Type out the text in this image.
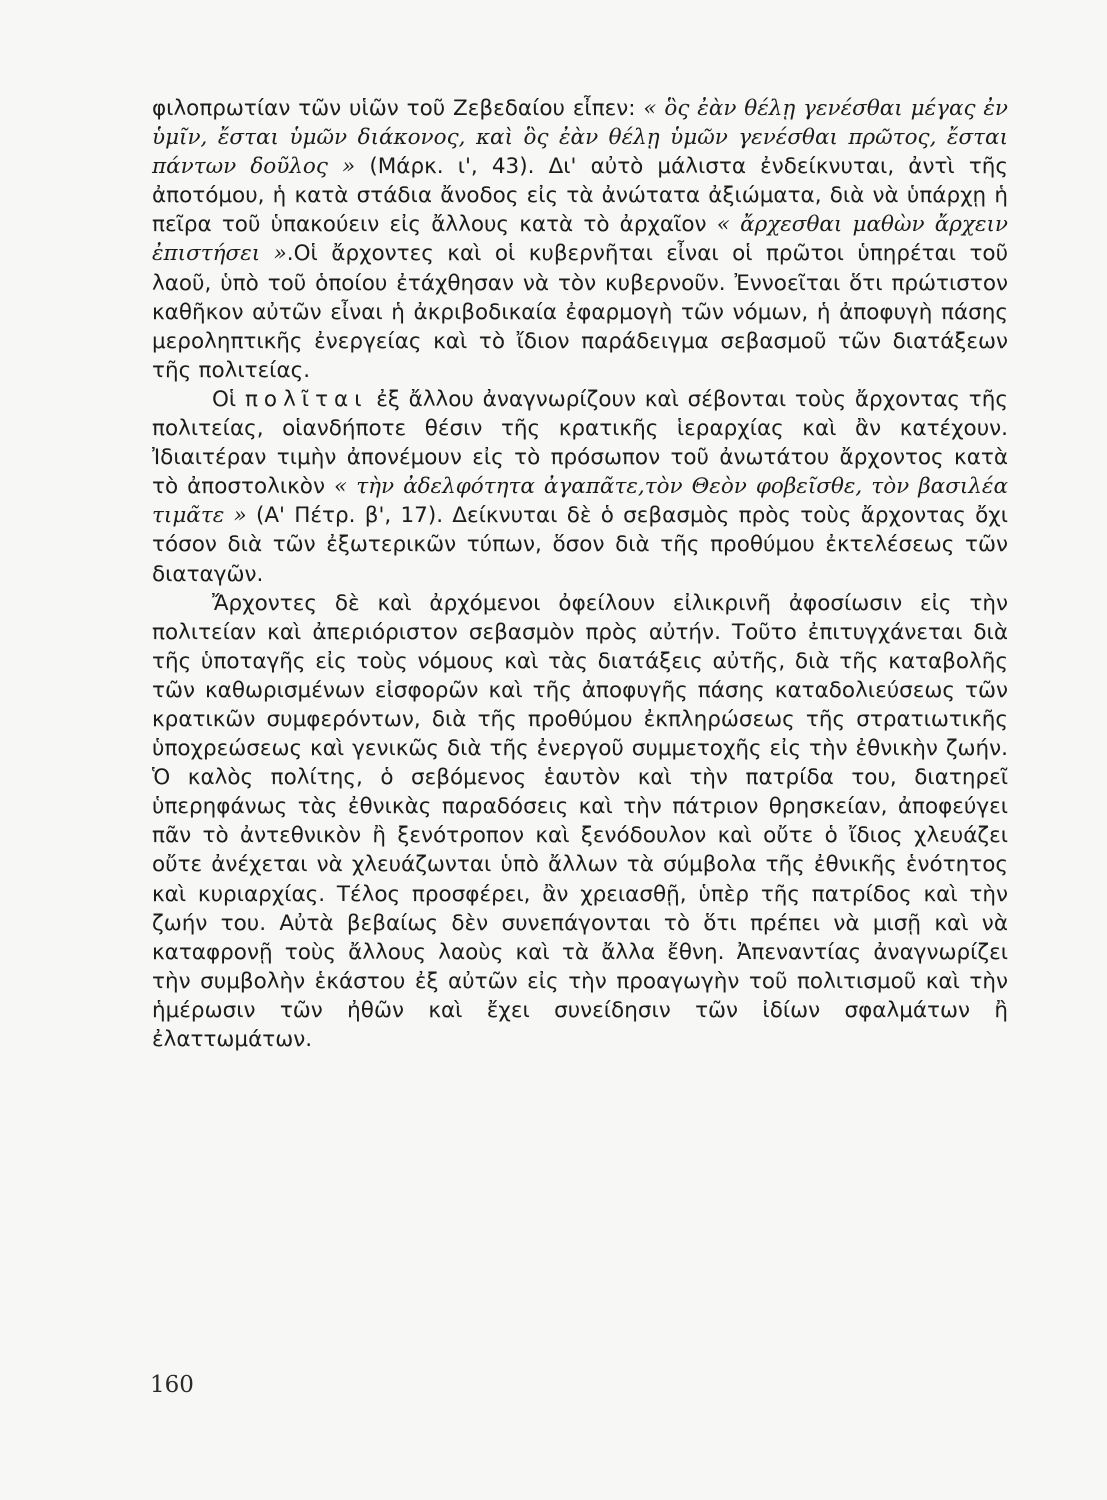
φιλοπρωτίαν τῶν υἱῶν τοῦ Ζεβεδαίου εἶπεν: « ὃς ἐὰν θέλῃ γενέσθαι μέγας ἐν ὑμῖν, ἔσται ὑμῶν διάκονος, καὶ ὃς ἐὰν θέλῃ ὑμῶν γενέσθαι πρῶτος, ἔσται πάντων δοῦλος » (Μάρκ. ι', 43). Δι' αὐτὸ μάλιστα ἐνδείκνυται, ἀντὶ τῆς ἀποτόμου, ἡ κατὰ στάδια ἄνοδος εἰς τὰ ἀνώτατα ἀξιώματα, διὰ νὰ ὑπάρχῃ ἡ πεῖρα τοῦ ὑπακούειν εἰς ἄλλους κατὰ τὸ ἀρχαῖον « ἄρχεσθαι μαθὼν ἄρχειν ἐπιστήσει ».Οἱ ἄρχοντες καὶ οἱ κυβερνῆται εἶναι οἱ πρῶτοι ὑπηρέται τοῦ λαοῦ, ὑπὸ τοῦ ὁποίου ἐτάχθησαν νὰ τὸν κυβερνοῦν. Ἐννοεῖται ὅτι πρώτιστον καθῆκον αὐτῶν εἶναι ἡ ἀκριβοδικαία ἐφαρμογὴ τῶν νόμων, ἡ ἀποφυγὴ πάσης μεροληπτικῆς ἐνεργείας καὶ τὸ ἴδιον παράδειγμα σεβασμοῦ τῶν διατάξεων τῆς πολιτείας.

Οἱ πολῖται ἐξ ἄλλου ἀναγνωρίζουν καὶ σέβονται τοὺς ἄρχοντας τῆς πολιτείας, οἱανδήποτε θέσιν τῆς κρατικῆς ἱεραρχίας καὶ ἂν κατέχουν. Ἰδιαιτέραν τιμὴν ἀπονέμουν εἰς τὸ πρόσωπον τοῦ ἀνωτάτου ἄρχοντος κατὰ τὸ ἀποστολικὸν « τὴν ἀδελφότητα ἀγαπᾶτε,τὸν Θεὸν φοβεῖσθε, τὸν βασιλέα τιμᾶτε » (Α' Πέτρ. β', 17). Δείκνυται δὲ ὁ σεβασμὸς πρὸς τοὺς ἄρχοντας ὄχι τόσον διὰ τῶν ἐξωτερικῶν τύπων, ὅσον διὰ τῆς προθύμου ἐκτελέσεως τῶν διαταγῶν.

Ἄρχοντες δὲ καὶ ἀρχόμενοι ὀφείλουν εἰλικρινῆ ἀφοσίωσιν εἰς τὴν πολιτείαν καὶ ἀπεριόριστον σεβασμὸν πρὸς αὐτήν. Τοῦτο ἐπιτυγχάνεται διὰ τῆς ὑποταγῆς εἰς τοὺς νόμους καὶ τὰς διατάξεις αὐτῆς, διὰ τῆς καταβολῆς τῶν καθωρισμένων εἰσφορῶν καὶ τῆς ἀποφυγῆς πάσης καταδολιεύσεως τῶν κρατικῶν συμφερόντων, διὰ τῆς προθύμου ἐκπληρώσεως τῆς στρατιωτικῆς ὑποχρεώσεως καὶ γενικῶς διὰ τῆς ἐνεργοῦ συμμετοχῆς εἰς τὴν ἐθνικὴν ζωήν. Ὁ καλὸς πολίτης, ὁ σεβόμενος ἑαυτὸν καὶ τὴν πατρίδα του, διατηρεῖ ὑπερηφάνως τὰς ἐθνικὰς παραδόσεις καὶ τὴν πάτριον θρησκείαν, ἀποφεύγει πᾶν τὸ ἀντεθνικὸν ἢ ξενότροπον καὶ ξενόδουλον καὶ οὔτε ὁ ἴδιος χλευάζει οὔτε ἀνέχεται νὰ χλευάζωνται ὑπὸ ἄλλων τὰ σύμβολα τῆς ἐθνικῆς ἑνότητος καὶ κυριαρχίας. Τέλος προσφέρει, ἂν χρειασθῇ, ὑπὲρ τῆς πατρίδος καὶ τὴν ζωήν του. Αὐτὰ βεβαίως δὲν συνεπάγονται τὸ ὅτι πρέπει νὰ μισῇ καὶ νὰ καταφρονῇ τοὺς ἄλλους λαοὺς καὶ τὰ ἄλλα ἔθνη. Ἀπεναντίας ἀναγνωρίζει τὴν συμβολὴν ἑκάστου ἐξ αὐτῶν εἰς τὴν προαγωγὴν τοῦ πολιτισμοῦ καὶ τὴν ἡμέρωσιν τῶν ἠθῶν καὶ ἔχει συνείδησιν τῶν ἰδίων σφαλμάτων ἢ ἐλαττωμάτων.

160
